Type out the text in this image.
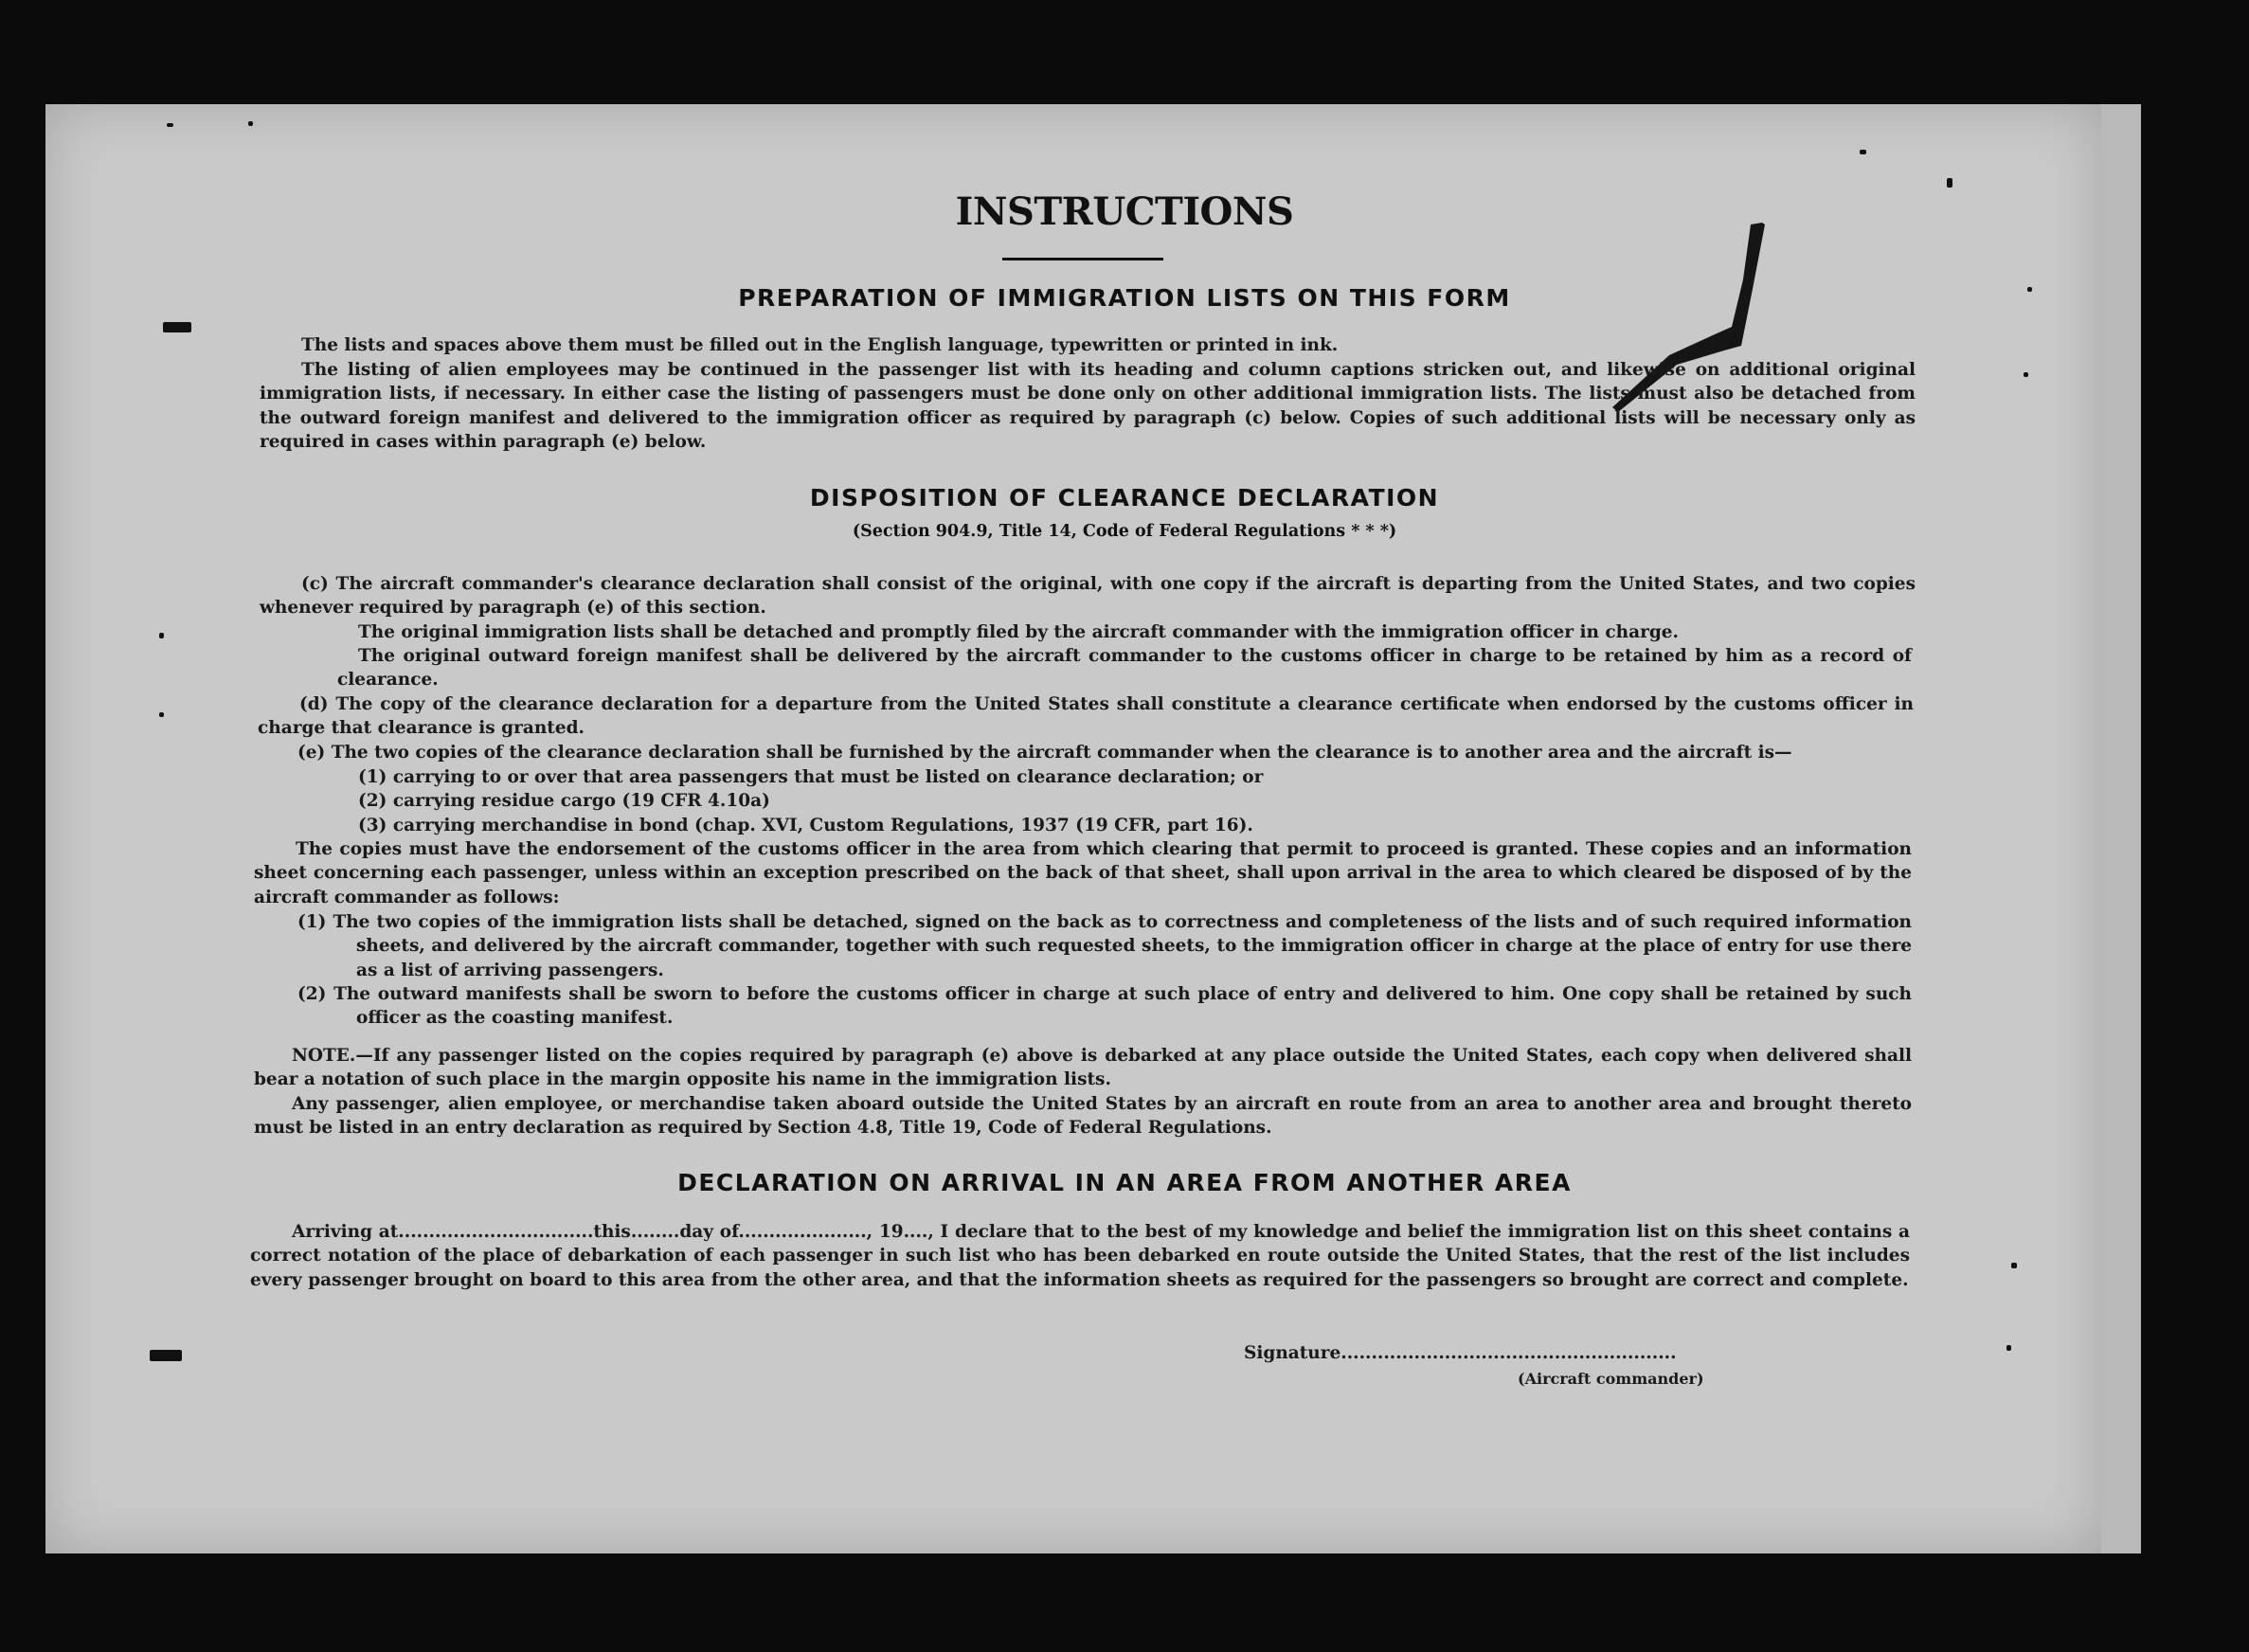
INSTRUCTIONS
PREPARATION OF IMMIGRATION LISTS ON THIS FORM
The lists and spaces above them must be filled out in the English language, typewritten or printed in ink.
The listing of alien employees may be continued in the passenger list with its heading and column captions stricken out, and likewise on additional original immigration lists, if necessary. In either case the listing of passengers must be done only on other additional immigration lists. The lists must also be detached from the outward foreign manifest and delivered to the immigration officer as required by paragraph (c) below. Copies of such additional lists will be necessary only as required in cases within paragraph (e) below.
DISPOSITION OF CLEARANCE DECLARATION
(Section 904.9, Title 14, Code of Federal Regulations * * *)
(c) The aircraft commander's clearance declaration shall consist of the original, with one copy if the aircraft is departing from the United States, and two copies whenever required by paragraph (e) of this section.
The original immigration lists shall be detached and promptly filed by the aircraft commander with the immigration officer in charge.
The original outward foreign manifest shall be delivered by the aircraft commander to the customs officer in charge to be retained by him as a record of clearance.
(d) The copy of the clearance declaration for a departure from the United States shall constitute a clearance certificate when endorsed by the customs officer in charge that clearance is granted.
(e) The two copies of the clearance declaration shall be furnished by the aircraft commander when the clearance is to another area and the aircraft is—
(1) carrying to or over that area passengers that must be listed on clearance declaration; or
(2) carrying residue cargo (19 CFR 4.10a)
(3) carrying merchandise in bond (chap. XVI, Custom Regulations, 1937 (19 CFR, part 16).
The copies must have the endorsement of the customs officer in the area from which clearing that permit to proceed is granted. These copies and an information sheet concerning each passenger, unless within an exception prescribed on the back of that sheet, shall upon arrival in the area to which cleared be disposed of by the aircraft commander as follows:
(1) The two copies of the immigration lists shall be detached, signed on the back as to correctness and completeness of the lists and of such required information sheets, and delivered by the aircraft commander, together with such requested sheets, to the immigration officer in charge at the place of entry for use there as a list of arriving passengers.
(2) The outward manifests shall be sworn to before the customs officer in charge at such place of entry and delivered to him. One copy shall be retained by such officer as the coasting manifest.
NOTE.—If any passenger listed on the copies required by paragraph (e) above is debarked at any place outside the United States, each copy when delivered shall bear a notation of such place in the margin opposite his name in the immigration lists.
Any passenger, alien employee, or merchandise taken aboard outside the United States by an aircraft en route from an area to another area and brought thereto must be listed in an entry declaration as required by Section 4.8, Title 19, Code of Federal Regulations.
DECLARATION ON ARRIVAL IN AN AREA FROM ANOTHER AREA
Arriving at................................this........day of....................., 19...., I declare that to the best of my knowledge and belief the immigration list on this sheet contains a correct notation of the place of debarkation of each passenger in such list who has been debarked en route outside the United States, that the rest of the list includes every passenger brought on board to this area from the other area, and that the information sheets as required for the passengers so brought are correct and complete.
Signature.......................................................
(Aircraft commander)
